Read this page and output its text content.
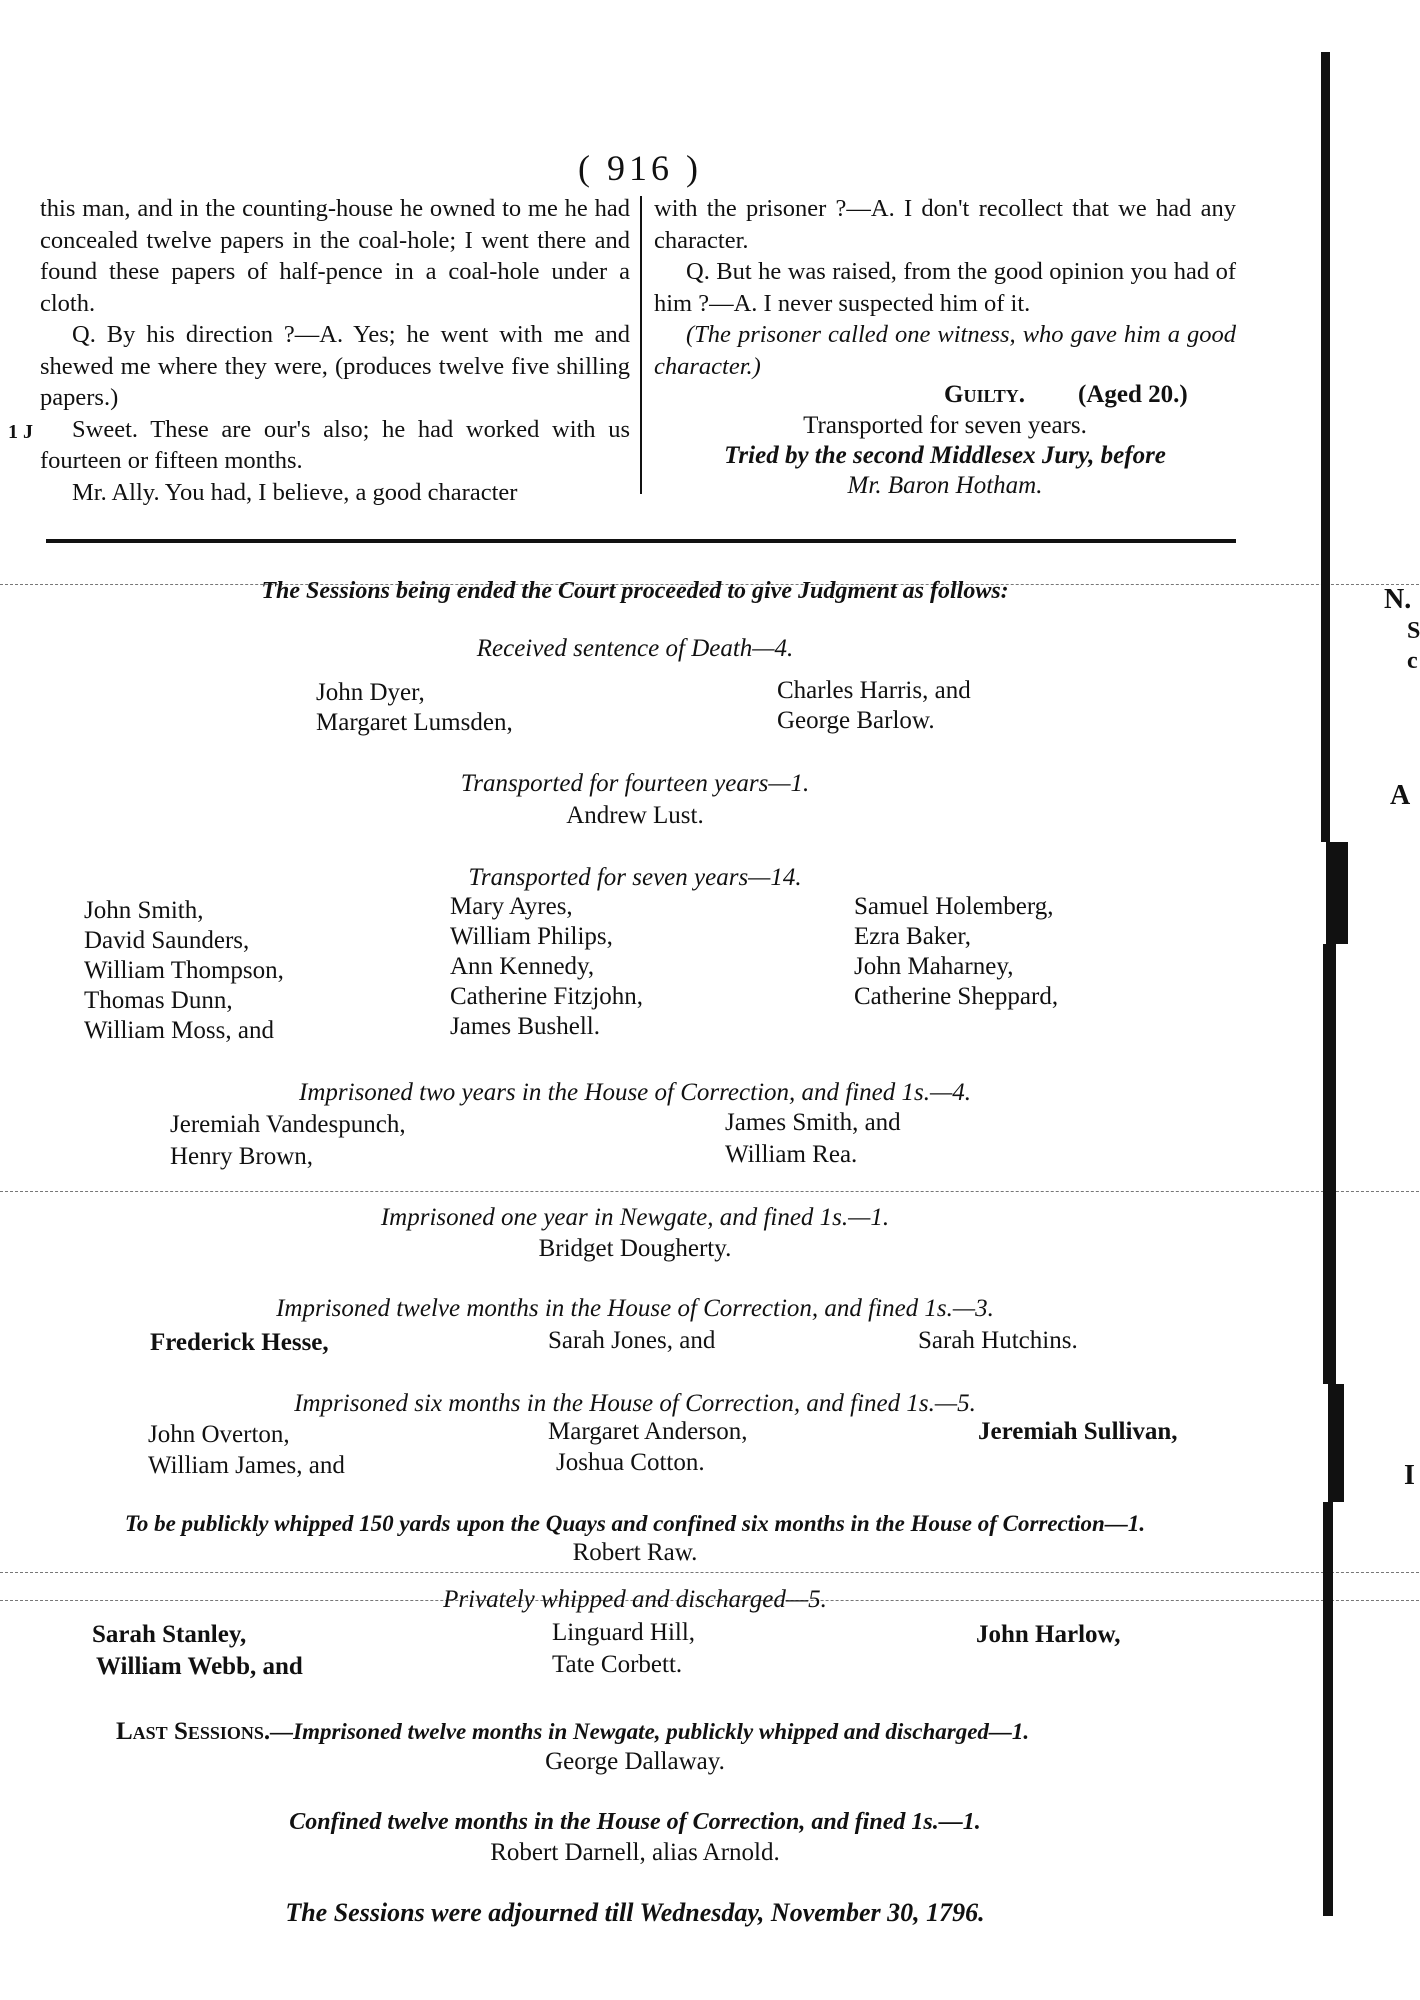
( 916 )

this man, and in the counting-house he owned to me he had concealed twelve papers in the coal-hole; I went there and found these papers of half-pence in a coal-hole under a cloth.

Q. By his direction ?—A. Yes; he went with me and shewed me where they were, (produces twelve five shilling papers.)

Sweet. These are our's also; he had worked with us fourteen or fifteen months.

Mr. Ally. You had, I believe, a good character

with the prisoner ?—A. I don't recollect that we had any character.

Q. But he was raised, from the good opinion you had of him ?—A. I never suspected him of it.

(The prisoner called one witness, who gave him a good character.)

Guilty. (Aged 20.)
Transported for seven years.
Tried by the second Middlesex Jury, before
Mr. Baron Hotham.
The Sessions being ended the Court proceeded to give Judgment as follows:
Received sentence of Death—4.
John Dyer,
Margaret Lumsden,
Charles Harris, and
George Barlow.
Transported for fourteen years—1.
Andrew Lust.
Transported for seven years—14.
John Smith,
David Saunders,
William Thompson,
Thomas Dunn,
William Moss, and
Mary Ayres,
William Philips,
Ann Kennedy,
Catherine Fitzjohn,
James Bushell.
Samuel Holemberg,
Ezra Baker,
John Maharney,
Catherine Sheppard,
Imprisoned two years in the House of Correction, and fined 1s.—4.
Jeremiah Vandespunch,
Henry Brown,
James Smith, and
William Rea.
Imprisoned one year in Newgate, and fined 1s.—1.
Bridget Dougherty.
Imprisoned twelve months in the House of Correction, and fined 1s.—3.
Frederick Hesse,	Sarah Jones, and	Sarah Hutchins.
Imprisoned six months in the House of Correction, and fined 1s.—5.
John Overton,
William James, and
Margaret Anderson,
Joshua Cotton.
Jeremiah Sullivan,
To be publickly whipped 150 yards upon the Quays and confined six months in the House of Correction—1.
Robert Raw.
Privately whipped and discharged—5.
Sarah Stanley,
William Webb, and
Linguard Hill,
Tate Corbett.
John Harlow,
Last Sessions.—Imprisoned twelve months in Newgate, publickly whipped and discharged—1.
George Dallaway.
Confined twelve months in the House of Correction, and fined 1s.—1.
Robert Darnell, alias Arnold.
The Sessions were adjourned till Wednesday, November 30, 1796.
1 J
N.
S
c
A
I
